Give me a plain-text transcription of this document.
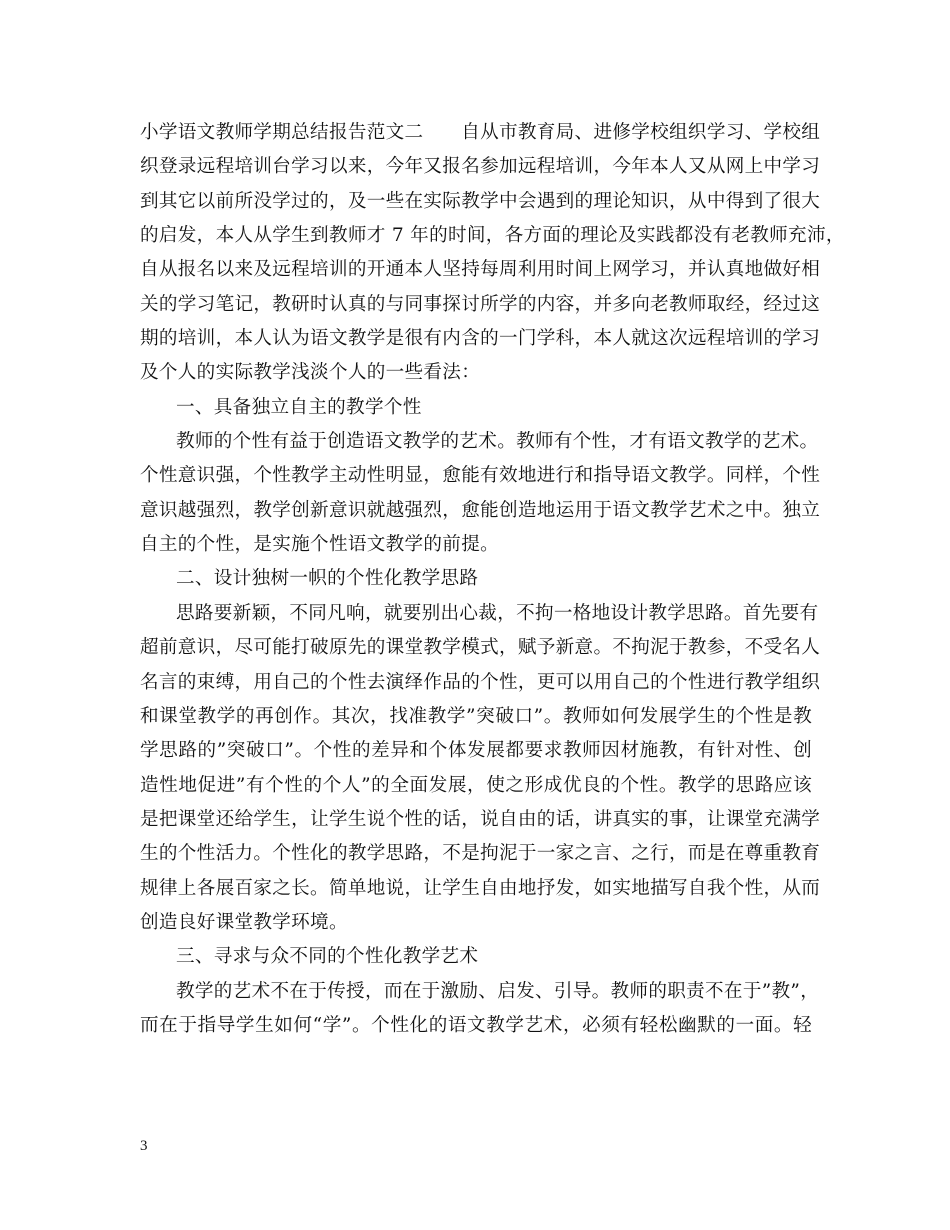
小学语文教师学期总结报告范文二　　自从市教育局、进修学校组织学习、学校组
织登录远程培训台学习以来，今年又报名参加远程培训，今年本人又从网上中学习
到其它以前所没学过的，及一些在实际教学中会遇到的理论知识，从中得到了很大
的启发，本人从学生到教师才 7 年的时间，各方面的理论及实践都没有老教师充沛，
自从报名以来及远程培训的开通本人坚持每周利用时间上网学习，并认真地做好相
关的学习笔记，教研时认真的与同事探讨所学的内容，并多向老教师取经，经过这
期的培训，本人认为语文教学是很有内含的一门学科，本人就这次远程培训的学习
及个人的实际教学浅淡个人的一些看法：
一、具备独立自主的教学个性
教师的个性有益于创造语文教学的艺术。教师有个性，才有语文教学的艺术。
个性意识强，个性教学主动性明显，愈能有效地进行和指导语文教学。同样，个性
意识越强烈，教学创新意识就越强烈，愈能创造地运用于语文教学艺术之中。独立
自主的个性，是实施个性语文教学的前提。
二、设计独树一帜的个性化教学思路
思路要新颖，不同凡响，就要别出心裁，不拘一格地设计教学思路。首先要有
超前意识，尽可能打破原先的课堂教学模式，赋予新意。不拘泥于教参，不受名人
名言的束缚，用自己的个性去演绎作品的个性，更可以用自己的个性进行教学组织
和课堂教学的再创作。其次，找准教学”突破口”。教师如何发展学生的个性是教
学思路的”突破口”。个性的差异和个体发展都要求教师因材施教，有针对性、创
造性地促进”有个性的个人”的全面发展，使之形成优良的个性。教学的思路应该
是把课堂还给学生，让学生说个性的话，说自由的话，讲真实的事，让课堂充满学
生的个性活力。个性化的教学思路，不是拘泥于一家之言、之行，而是在尊重教育
规律上各展百家之长。简单地说，让学生自由地抒发，如实地描写自我个性，从而
创造良好课堂教学环境。
三、寻求与众不同的个性化教学艺术
教学的艺术不在于传授，而在于激励、启发、引导。教师的职责不在于”教”，
而在于指导学生如何“学”。个性化的语文教学艺术，必须有轻松幽默的一面。轻
3
